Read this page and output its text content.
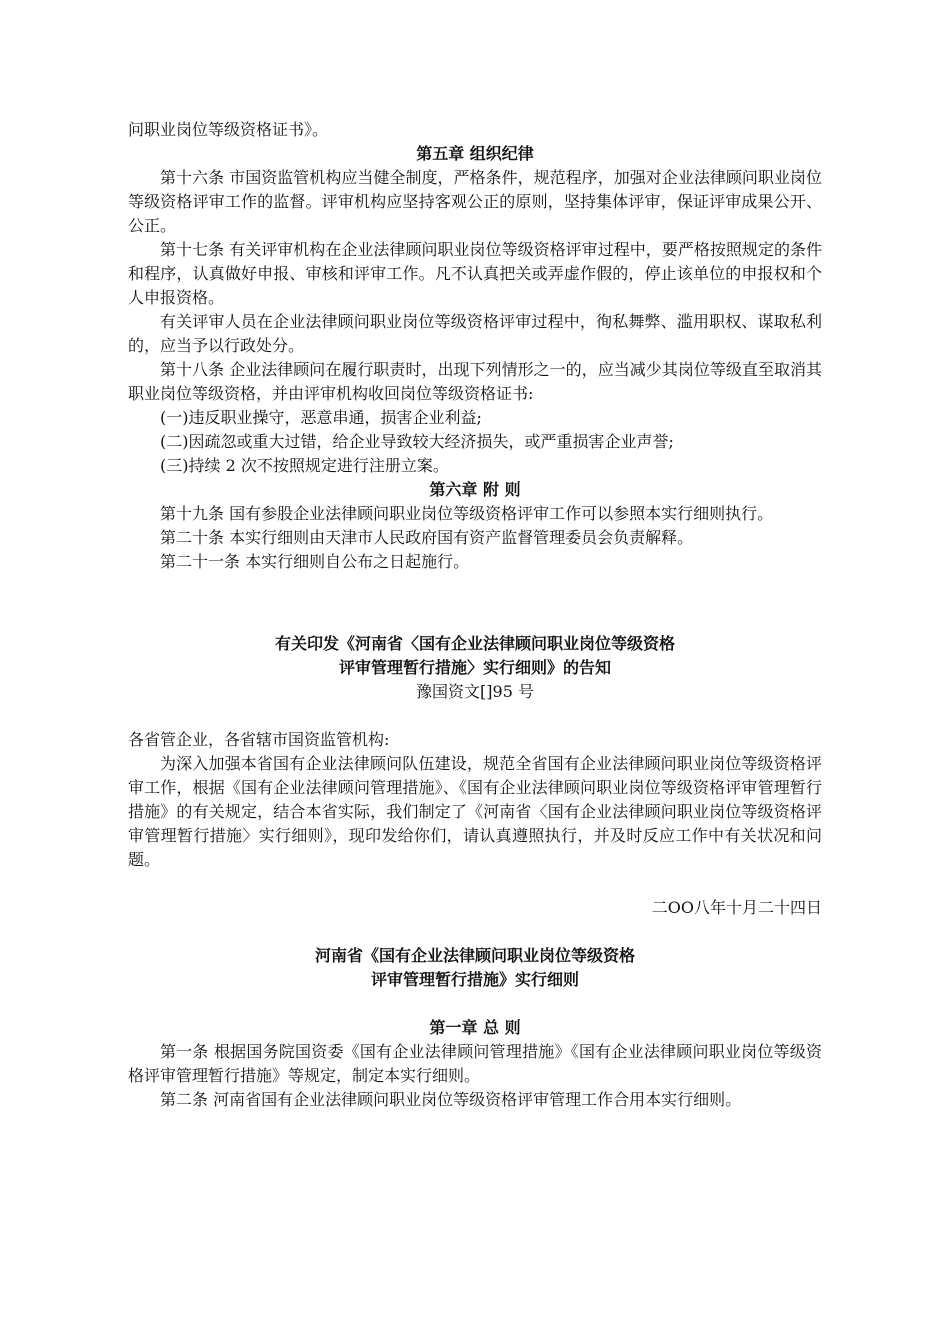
问职业岗位等级资格证书》。

第五章 组织纪律

第十六条 市国资监管机构应当健全制度，严格条件，规范程序，加强对企业法律顾问职业岗位等级资格评审工作的监督。评审机构应坚持客观公正的原则，坚持集体评审，保证评审成果公开、公正。

第十七条 有关评审机构在企业法律顾问职业岗位等级资格评审过程中，要严格按照规定的条件和程序，认真做好申报、审核和评审工作。凡不认真把关或弄虚作假的，停止该单位的申报权和个人申报资格。

有关评审人员在企业法律顾问职业岗位等级资格评审过程中，徇私舞弊、滥用职权、谋取私利的，应当予以行政处分。

第十八条 企业法律顾问在履行职责时，出现下列情形之一的，应当减少其岗位等级直至取消其职业岗位等级资格，并由评审机构收回岗位等级资格证书:

(一)违反职业操守，恶意串通，损害企业利益;

(二)因疏忽或重大过错，给企业导致较大经济损失，或严重损害企业声誉;

(三)持续 2 次不按照规定进行注册立案。

第六章 附 则

第十九条 国有参股企业法律顾问职业岗位等级资格评审工作可以参照本实行细则执行。

第二十条 本实行细则由天津市人民政府国有资产监督管理委员会负责解释。

第二十一条 本实行细则自公布之日起施行。

有关印发《河南省〈国有企业法律顾问职业岗位等级资格

评审管理暂行措施〉实行细则》的告知

豫国资文[]95 号

各省管企业，各省辖市国资监管机构:

为深入加强本省国有企业法律顾问队伍建设，规范全省国有企业法律顾问职业岗位等级资格评审工作，根据《国有企业法律顾问管理措施》、《国有企业法律顾问职业岗位等级资格评审管理暂行措施》的有关规定，结合本省实际，我们制定了《河南省〈国有企业法律顾问职业岗位等级资格评审管理暂行措施〉实行细则》，现印发给你们，请认真遵照执行，并及时反应工作中有关状况和问题。

二OO八年十月二十四日

河南省《国有企业法律顾问职业岗位等级资格

评审管理暂行措施》实行细则

第一章 总 则

第一条 根据国务院国资委《国有企业法律顾问管理措施》《国有企业法律顾问职业岗位等级资格评审管理暂行措施》等规定，制定本实行细则。

第二条 河南省国有企业法律顾问职业岗位等级资格评审管理工作合用本实行细则。
